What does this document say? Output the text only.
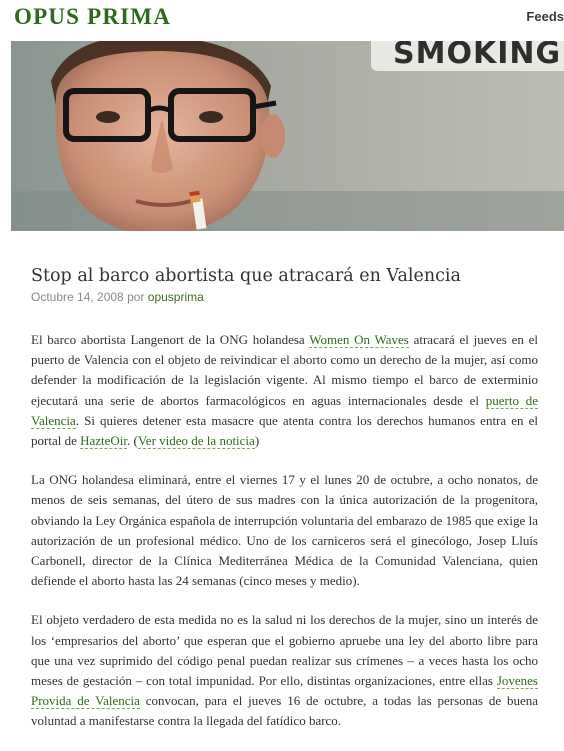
OPUS PRIMA	Feeds
SMOKING
Stop al barco abortista que atracará en Valencia
Octubre 14, 2008 por opusprima

El barco abortista Langenort de la ONG holandesa Women On Waves atracará el jueves en el puerto de Valencia con el objeto de reivindicar el aborto como un derecho de la mujer, así como defender la modificación de la legislación vigente. Al mismo tiempo el barco de exterminio ejecutará una serie de abortos farmacológicos en aguas internacionales desde el puerto de Valencia. Si quieres detener esta masacre que atenta contra los derechos humanos entra en el portal de HazteOir. (Ver video de la noticia)

La ONG holandesa eliminará, entre el viernes 17 y el lunes 20 de octubre, a ocho nonatos, de menos de seis semanas, del útero de sus madres con la única autorización de la progenitora, obviando la Ley Orgánica española de interrupción voluntaria del embarazo de 1985 que exige la autorización de un profesional médico. Uno de los carniceros será el ginecólogo, Josep Lluís Carbonell, director de la Clínica Mediterránea Médica de la Comunidad Valenciana, quien defiende el aborto hasta las 24 semanas (cinco meses y medio).

El objeto verdadero de esta medida no es la salud ni los derechos de la mujer, sino un interés de los ‘empresarios del aborto’ que esperan que el gobierno apruebe una ley del aborto libre para que una vez suprimido del código penal puedan realizar sus crímenes – a veces hasta los ocho meses de gestación – con total impunidad. Por ello, distintas organizaciones, entre ellas Jovenes Provida de Valencia convocan, para el jueves 16 de octubre, a todas las personas de buena voluntad a manifestarse contra la llegada del fatídico barco.
